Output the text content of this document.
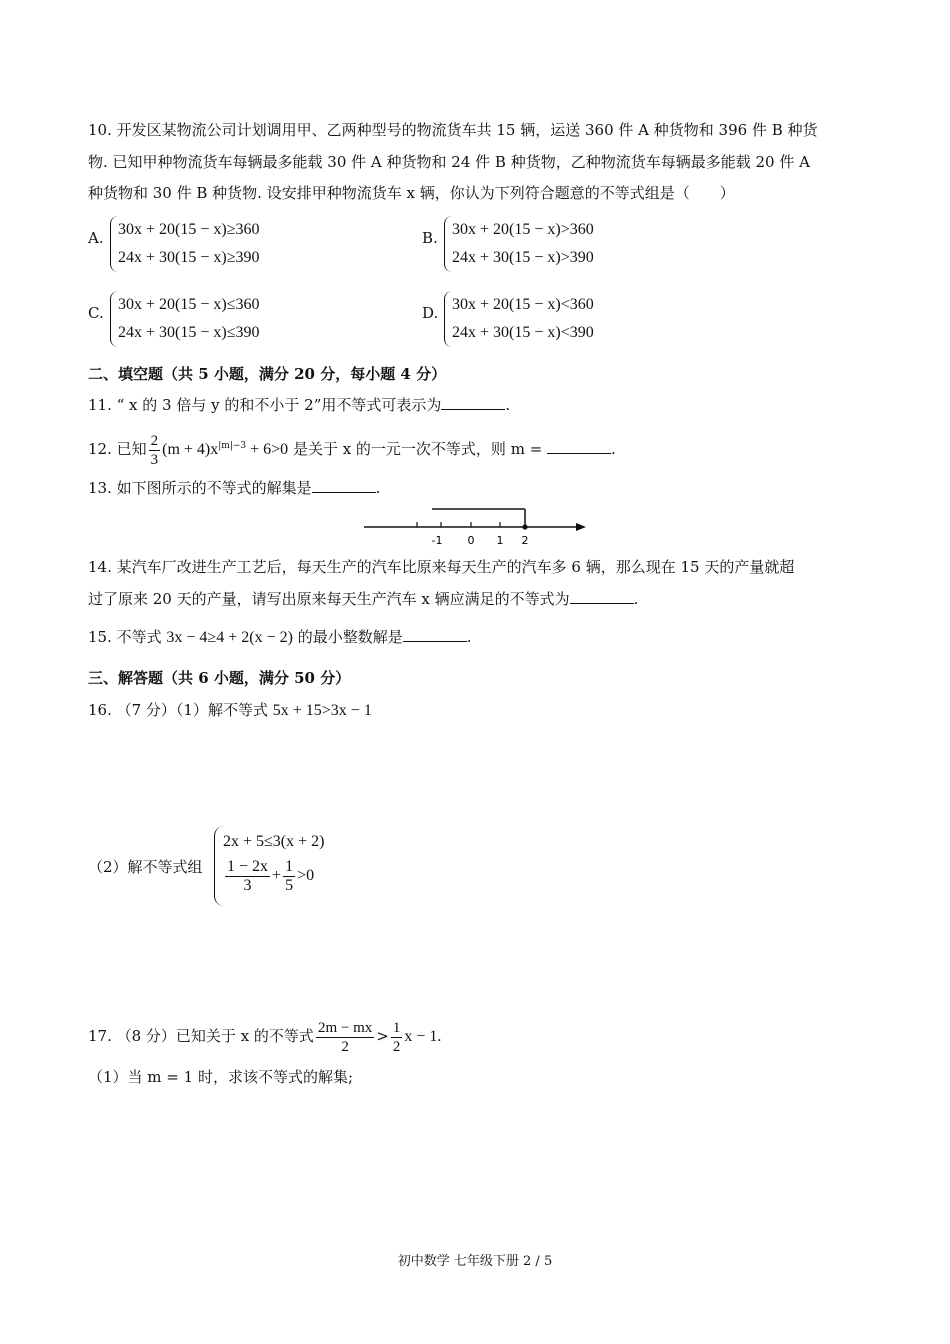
10. 开发区某物流公司计划调用甲、乙两种型号的物流货车共 15 辆，运送 360 件 A 种货物和 396 件 B 种货
物. 已知甲种物流货车每辆最多能载 30 件 A 种货物和 24 件 B 种货物，乙种物流货车每辆最多能载 20 件 A
种货物和 30 件 B 种货物. 设安排甲种物流货车 x 辆，你认为下列符合题意的不等式组是（　　）
A. 30x + 20(15 − x)≥360
24x + 30(15 − x)≥390
B. 30x + 20(15 − x)>360
24x + 30(15 − x)>390
C. 30x + 20(15 − x)≤360
24x + 30(15 − x)≤390
D. 30x + 20(15 − x)<360
24x + 30(15 − x)<390
二、填空题（共 5 小题，满分 20 分，每小题 4 分）
11. “ x 的 3 倍与 y 的和不小于 2”用不等式可表示为	.
12. 已知 $\frac{2}{3} (m + 4)x^{|m|-3} + 6>0$ 是关于 x 的一元一次不等式，则 m =	.
13. 如下图所示的不等式的解集是	.
-1 0 1 2
14. 某汽车厂改进生产工艺后，每天生产的汽车比原来每天生产的汽车多 6 辆，那么现在 15 天的产量就超
过了原来 20 天的产量，请写出原来每天生产汽车 x 辆应满足的不等式为	.
15. 不等式 3x − 4≥4 + 2(x − 2) 的最小整数解是	.
三、解答题（共 6 小题，满分 50 分）
16. （7 分）（1）解不等式 5x + 15>3x − 1
（2）解不等式组
2x + 5≤3(x + 2)
$\frac{1 - 2x}{3} + \frac{1}{5} >0$
17. （8 分）已知关于 x 的不等式 $\frac{2m - mx}{2} > \frac{1}{2}$ x − 1.
（1）当 m = 1 时，求该不等式的解集;
初中数学 七年级下册 2 / 5
